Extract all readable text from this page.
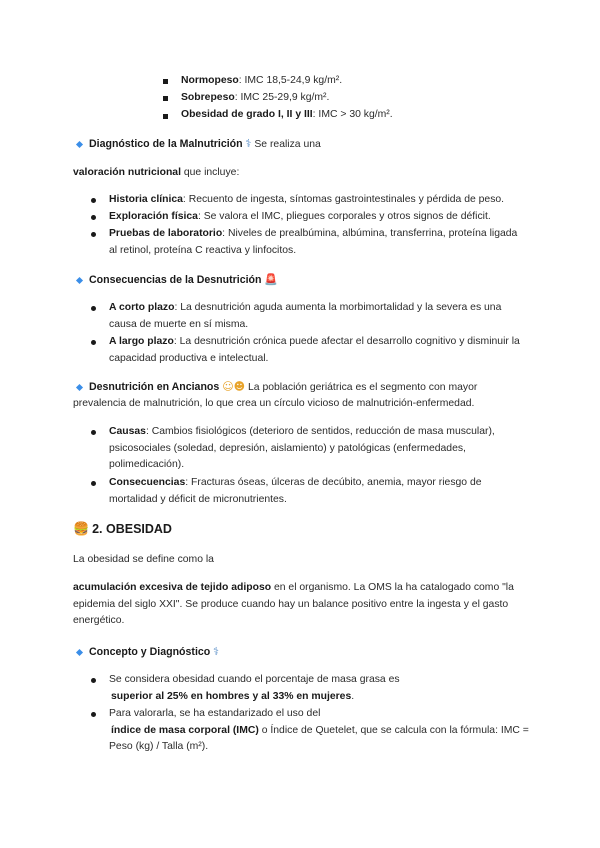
Normopeso: IMC 18,5-24,9 kg/m².
Sobrepeso: IMC 25-29,9 kg/m².
Obesidad de grado I, II y III: IMC > 30 kg/m².
Diagnóstico de la Malnutrición ⚕ Se realiza una
valoración nutricional que incluye:
Historia clínica: Recuento de ingesta, síntomas gastrointestinales y pérdida de peso.
Exploración física: Se valora el IMC, pliegues corporales y otros signos de déficit.
Pruebas de laboratorio: Niveles de prealbúmina, albúmina, transferrina, proteína ligada
al retinol, proteína C reactiva y linfocitos.
Consecuencias de la Desnutrición 🚨
A corto plazo: La desnutrición aguda aumenta la morbimortalidad y la severa es una
causa de muerte en sí misma.
A largo plazo: La desnutrición crónica puede afectar el desarrollo cognitivo y disminuir la
capacidad productiva e intelectual.
Desnutrición en Ancianos ☺☻ La población geriátrica es el segmento con mayor
prevalencia de malnutrición, lo que crea un círculo vicioso de malnutrición-enfermedad.
Causas: Cambios fisiológicos (deterioro de sentidos, reducción de masa muscular),
psicosociales (soledad, depresión, aislamiento) y patológicas (enfermedades,
polimedicación).
Consecuencias: Fracturas óseas, úlceras de decúbito, anemia, mayor riesgo de
mortalidad y déficit de micronutrientes.
🍔 2. OBESIDAD
La obesidad se define como la
acumulación excesiva de tejido adiposo en el organismo. La OMS la ha catalogado como "la
epidemia del siglo XXI". Se produce cuando hay un balance positivo entre la ingesta y el gasto
energético.
Concepto y Diagnóstico ⚕
Se considera obesidad cuando el porcentaje de masa grasa es
superior al 25% en hombres y al 33% en mujeres.
Para valorarla, se ha estandarizado el uso del
índice de masa corporal (IMC) o Índice de Quetelet, que se calcula con la fórmula: IMC =
Peso (kg) / Talla (m²).
